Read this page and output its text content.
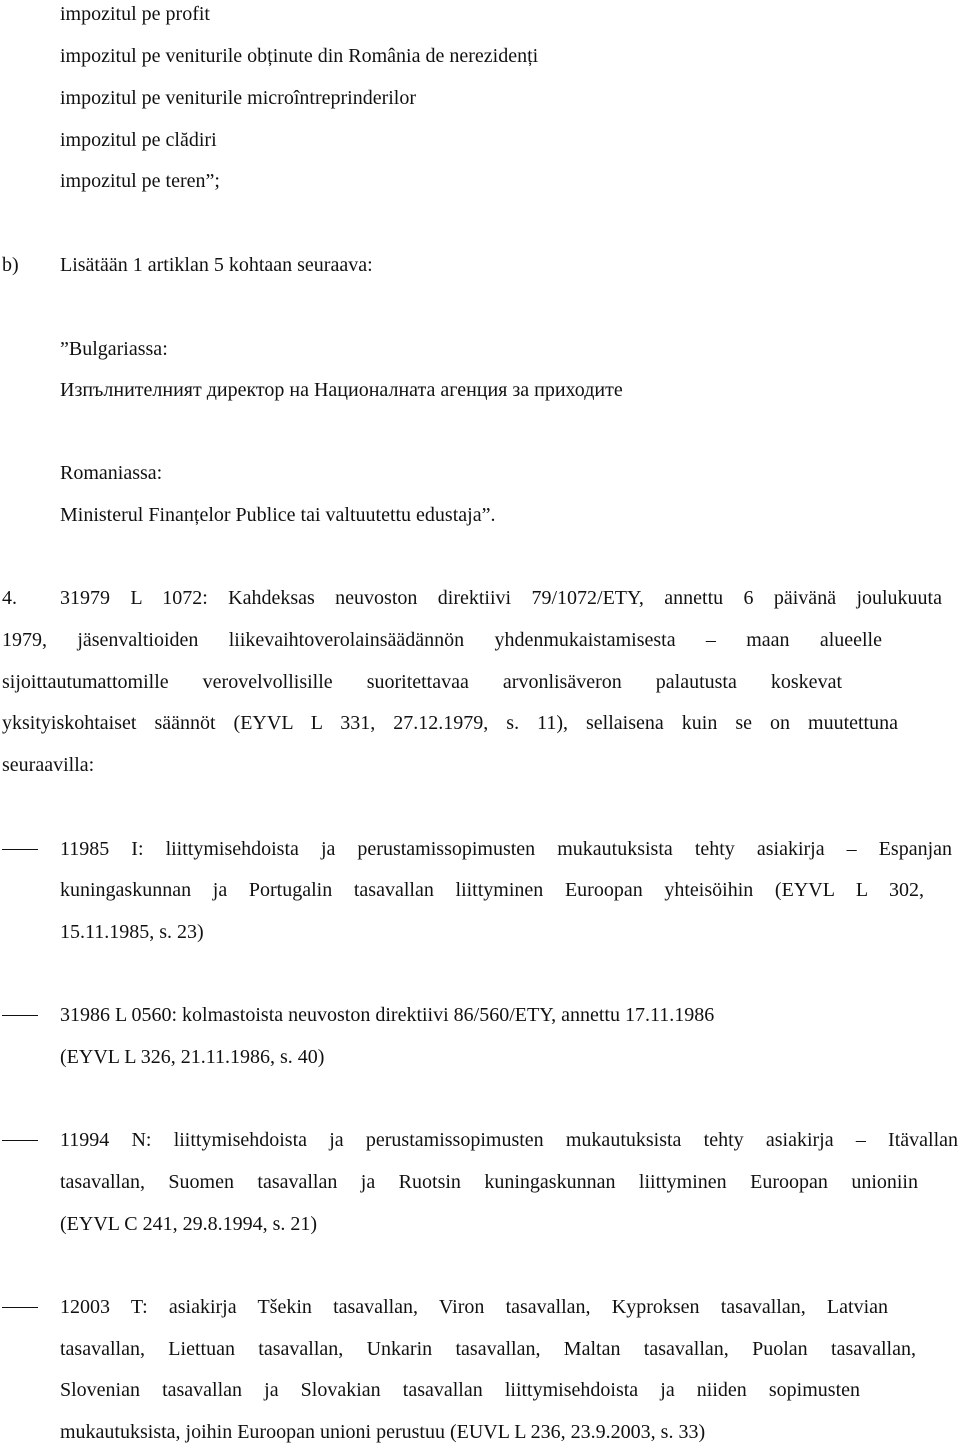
impozitul pe profit
impozitul pe veniturile obținute din România de nerezidenți
impozitul pe veniturile microîntreprinderilor
impozitul pe clădiri
impozitul pe teren”;
b) Lisätään 1 artiklan 5 kohtaan seuraava:
”Bulgariassa:
Изпълнителният директор на Националната агенция за приходите
Romaniassa:
Ministerul Finanțelor Publice tai valtuutettu edustaja”.
4. 31979 L 1072: Kahdeksas neuvoston direktiivi 79/1072/ETY, annettu 6 päivänä joulukuuta
1979, jäsenvaltioiden liikevaihtoverolainsäädännön yhdenmukaistamisesta – maan alueelle
sijoittautumattomille verovelvollisille suoritettavaa arvonlisäveron palautusta koskevat
yksityiskohtaiset säännöt (EYVL L 331, 27.12.1979, s. 11), sellaisena kuin se on muutettuna
seuraavilla:
11985 I: liittymisehdoista ja perustamissopimusten mukautuksista tehty asiakirja – Espanjan
kuningaskunnan ja Portugalin tasavallan liittyminen Euroopan yhteisöihin (EYVL L 302,
15.11.1985, s. 23)
31986 L 0560: kolmastoista neuvoston direktiivi 86/560/ETY, annettu 17.11.1986
(EYVL L 326, 21.11.1986, s. 40)
11994 N: liittymisehdoista ja perustamissopimusten mukautuksista tehty asiakirja – Itävallan
tasavallan, Suomen tasavallan ja Ruotsin kuningaskunnan liittyminen Euroopan unioniin
(EYVL C 241, 29.8.1994, s. 21)
12003 T: asiakirja Tšekin tasavallan, Viron tasavallan, Kyproksen tasavallan, Latvian
tasavallan, Liettuan tasavallan, Unkarin tasavallan, Maltan tasavallan, Puolan tasavallan,
Slovenian tasavallan ja Slovakian tasavallan liittymisehdoista ja niiden sopimusten
mukautuksista, joihin Euroopan unioni perustuu (EUVL L 236, 23.9.2003, s. 33)
